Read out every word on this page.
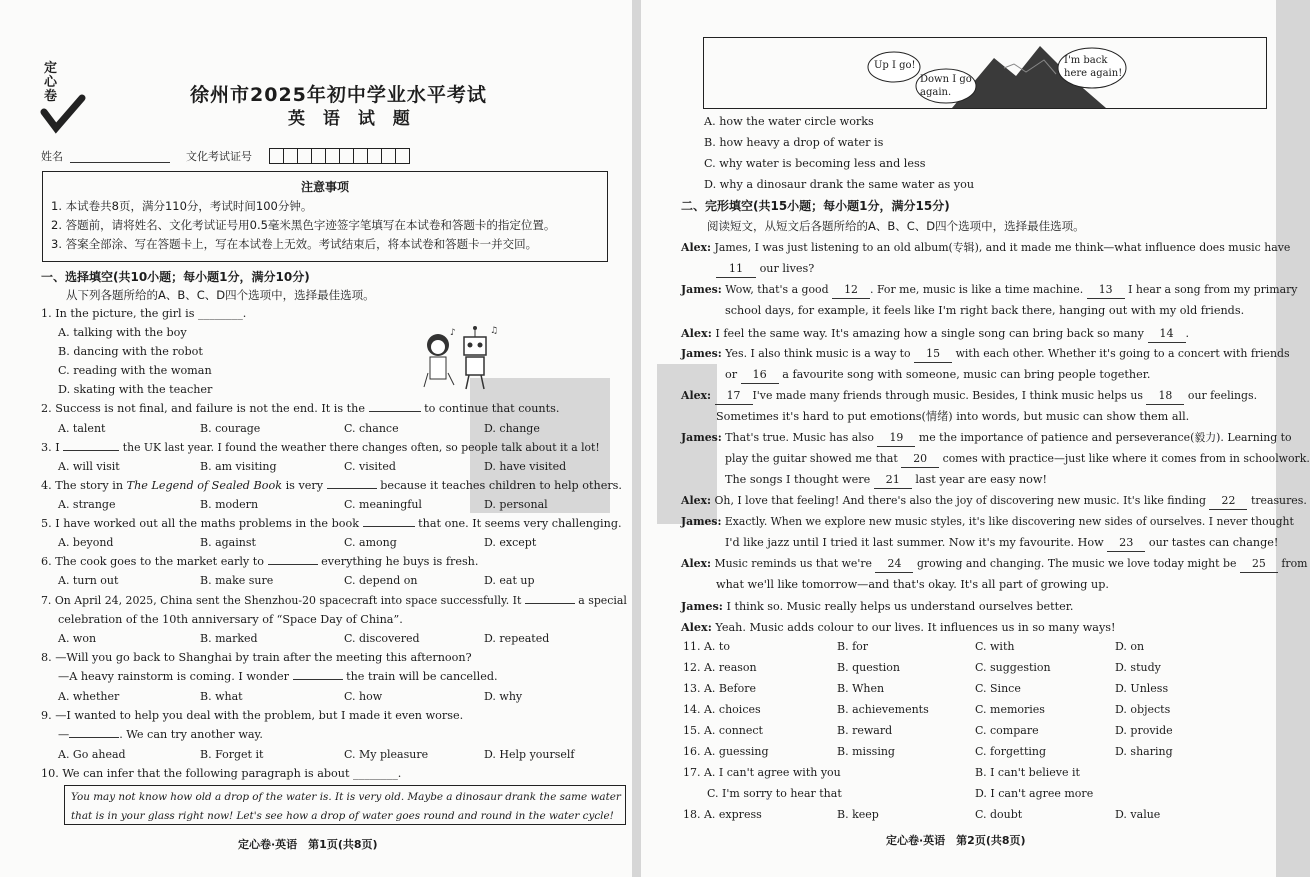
定心卷	徐州市2025年初中学业水平考试
英 语 试 题
姓名	文化考试证号
注意事项
1. 本试卷共8页，满分110分，考试时间100分钟。
2. 答题前，请将姓名、文化考试证号用0.5毫米黑色字迹签字笔填写在本试卷和答题卡的指定位置。
3. 答案全部涂、写在答题卡上，写在本试卷上无效。考试结束后，将本试卷和答题卡一并交回。
一、选择填空(共10小题；每小题1分，满分10分)
从下列各题所给的A、B、C、D四个选项中，选择最佳选项。
1. In the picture, the girl is ________.
A. talking with the boy
B. dancing with the robot
C. reading with the woman
D. skating with the teacher
♪	♫
2. Success is not final, and failure is not the end. It is the	to continue that counts.
A. talent	B. courage	C. chance	D. change
3. I	the UK last year. I found the weather there changes often, so people talk about it a lot!
A. will visit	B. am visiting	C. visited	D. have visited
4. The story in The Legend of Sealed Book is very	because it teaches children to help others.
A. strange	B. modern	C. meaningful	D. personal
5. I have worked out all the maths problems in the book	that one. It seems very challenging.
A. beyond	B. against	C. among	D. except
6. The cook goes to the market early to	everything he buys is fresh.
A. turn out	B. make sure	C. depend on	D. eat up
7. On April 24, 2025, China sent the Shenzhou-20 spacecraft into space successfully. It	a special
celebration of the 10th anniversary of “Space Day of China”.
A. won	B. marked	C. discovered	D. repeated
8. —Will you go back to Shanghai by train after the meeting this afternoon?
—A heavy rainstorm is coming. I wonder	the train will be cancelled.
A. whether	B. what	C. how	D. why
9. —I wanted to help you deal with the problem, but I made it even worse.
—	. We can try another way.
A. Go ahead	B. Forget it	C. My pleasure	D. Help yourself
10. We can infer that the following paragraph is about ________.
You may not know how old a drop of the water is. It is very old. Maybe a dinosaur drank the same water
that is in your glass right now! Let's see how a drop of water goes round and round in the water cycle!
定心卷·英语　第1页(共8页)
Up I go!
Down I go again.
I'm back here again!
A. how the water circle works
B. how heavy a drop of water is
C. why water is becoming less and less
D. why a dinosaur drank the same water as you
二、完形填空(共15小题；每小题1分，满分15分)
阅读短文，从短文后各题所给的A、B、C、D四个选项中，选择最佳选项。
Alex: James, I was just listening to an old album(专辑), and it made me think—what influence does music have
11 our lives?
James: Wow, that's a good 12 . For me, music is like a time machine. 13 I hear a song from my primary
school days, for example, it feels like I'm right back there, hanging out with my old friends.
Alex: I feel the same way. It's amazing how a single song can bring back so many 14 .
James: Yes. I also think music is a way to 15 with each other. Whether it's going to a concert with friends
or 16 a favourite song with someone, music can bring people together.
Alex: 17 I've made many friends through music. Besides, I think music helps us 18 our feelings.
Sometimes it's hard to put emotions(情绪) into words, but music can show them all.
James: That's true. Music has also 19 me the importance of patience and perseverance(毅力). Learning to
play the guitar showed me that 20 comes with practice—just like where it comes from in schoolwork.
The songs I thought were 21 last year are easy now!
Alex: Oh, I love that feeling! And there's also the joy of discovering new music. It's like finding 22 treasures.
James: Exactly. When we explore new music styles, it's like discovering new sides of ourselves. I never thought
I'd like jazz until I tried it last summer. Now it's my favourite. How 23 our tastes can change!
Alex: Music reminds us that we're 24 growing and changing. The music we love today might be 25 from
what we'll like tomorrow—and that's okay. It's all part of growing up.
James: I think so. Music really helps us understand ourselves better.
Alex: Yeah. Music adds colour to our lives. It influences us in so many ways!
11. A. to	B. for	C. with	D. on
12. A. reason	B. question	C. suggestion	D. study
13. A. Before	B. When	C. Since	D. Unless
14. A. choices	B. achievements	C. memories	D. objects
15. A. connect	B. reward	C. compare	D. provide
16. A. guessing	B. missing	C. forgetting	D. sharing
17. A. I can't agree with you	B. I can't believe it
C. I'm sorry to hear that	D. I can't agree more
18. A. express	B. keep	C. doubt	D. value
定心卷·英语　第2页(共8页)
